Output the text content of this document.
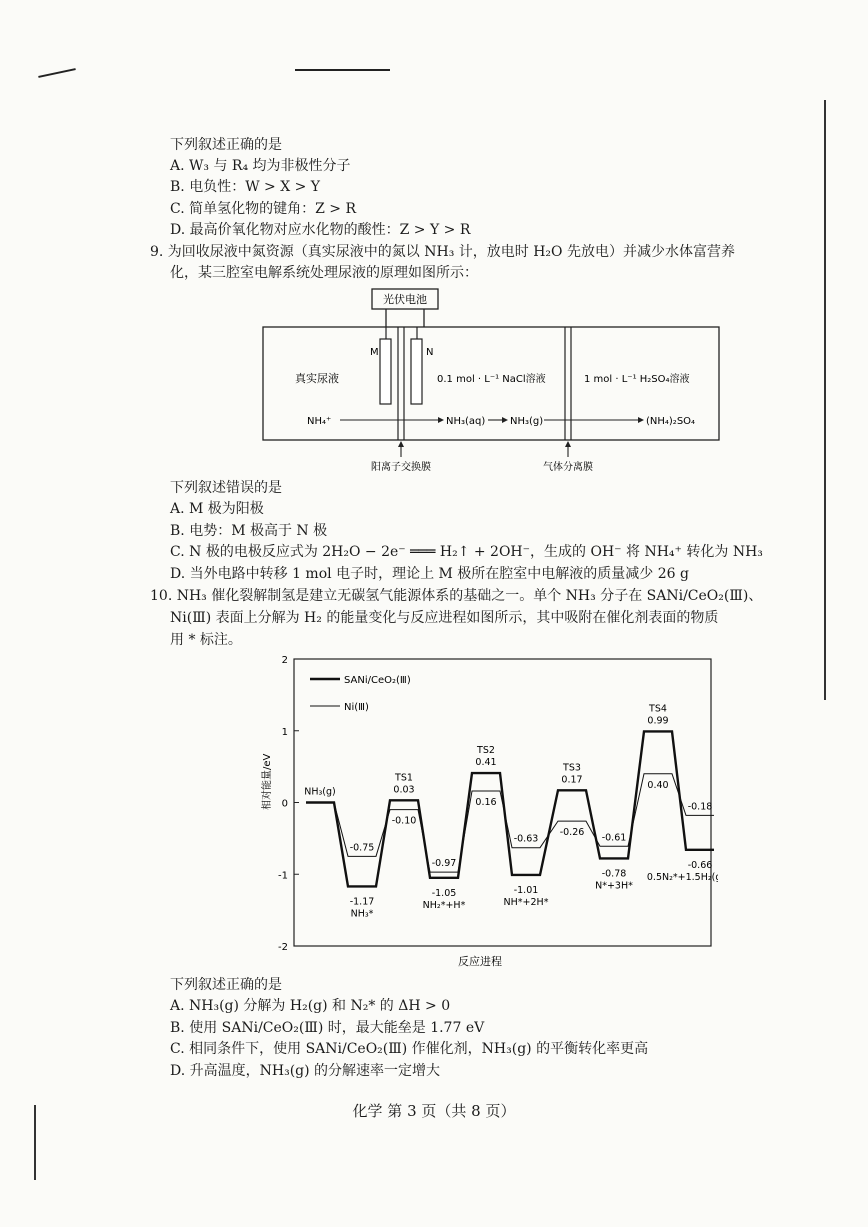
下列叙述正确的是
A. W₃ 与 R₄ 均为非极性分子
B. 电负性：W > X > Y
C. 简单氢化物的键角：Z > R
D. 最高价氧化物对应水化物的酸性：Z > Y > R
9. 为回收尿液中氮资源（真实尿液中的氮以 NH₃ 计，放电时 H₂O 先放电）并减少水体富营养
化，某三腔室电解系统处理尿液的原理如图所示：
光伏电池
M	N
真实尿液	0.1 mol · L⁻¹ NaCl溶液	1 mol · L⁻¹ H₂SO₄溶液
NH₄⁺	NH₃(aq) NH₃(g)	(NH₄)₂SO₄
阳离子交换膜	气体分离膜
下列叙述错误的是
A. M 极为阳极
B. 电势：M 极高于 N 极
C. N 极的电极反应式为 2H₂O − 2e⁻ ═══ H₂↑ + 2OH⁻，生成的 OH⁻ 将 NH₄⁺ 转化为 NH₃
D. 当外电路中转移 1 mol 电子时，理论上 M 极所在腔室中电解液的质量减少 26 g
10. NH₃ 催化裂解制氢是建立无碳氢气能源体系的基础之一。单个 NH₃ 分子在 SANi/CeO₂(Ⅲ)、
Ni(Ⅲ) 表面上分解为 H₂ 的能量变化与反应进程如图所示，其中吸附在催化剂表面的物质
用 * 标注。
相对能量/eV
反应进程
2
1
0
-1
-2
-1.17
0.03
-1.05
0.41
-1.01
0.17
-0.78
0.99
-0.66
-0.75
-0.10
-0.97
0.16
-0.63
-0.26 -0.61
0.40
-0.18
NH₃(g)
NH₃*
TS1
NH₂*+H*
TS2
NH*+2H*
TS3
N*+3H*
TS4
0.5N₂*+1.5H₂(g)
SANi/CeO₂(Ⅲ)
Ni(Ⅲ)
下列叙述正确的是
A. NH₃(g) 分解为 H₂(g) 和 N₂* 的 ΔH > 0
B. 使用 SANi/CeO₂(Ⅲ) 时，最大能垒是 1.77 eV
C. 相同条件下，使用 SANi/CeO₂(Ⅲ) 作催化剂，NH₃(g) 的平衡转化率更高
D. 升高温度，NH₃(g) 的分解速率一定增大
化学 第 3 页（共 8 页）
